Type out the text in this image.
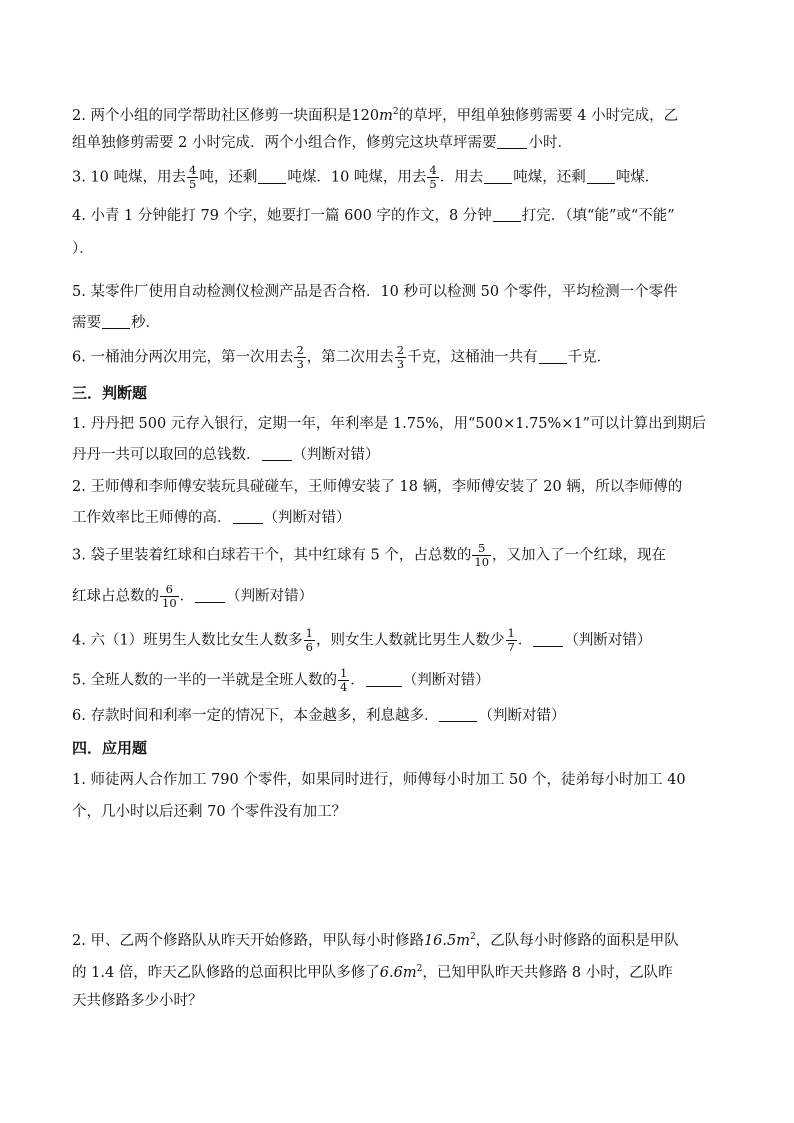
2. 两个小组的同学帮助社区修剪一块面积是$120m^2$的草坪，甲组单独修剪需要 4 小时完成，乙
组单独修剪需要 2 小时完成．两个小组合作，修剪完这块草坪需要 小时．
3. 10 吨煤，用去 $\frac{4}{5}$ 吨，还剩 吨煤．10 吨煤，用去 $\frac{4}{5}$ ．用去 吨煤，还剩 吨煤．
4. 小青 1 分钟能打 79 个字，她要打一篇 600 字的作文，8 分钟 打完．（填“能”或“不能”
）．
5. 某零件厂使用自动检测仪检测产品是否合格．10 秒可以检测 50 个零件，平均检测一个零件
需要 秒．
6. 一桶油分两次用完，第一次用去 $\frac{2}{3}$ ，第二次用去 $\frac{2}{3}$ 千克，这桶油一共有 千克．
三．判断题
1. 丹丹把 500 元存入银行，定期一年，年利率是 1.75%，用“500×1.75%×1”可以计算出到期后
丹丹一共可以取回的总钱数． （判断对错）
2. 王师傅和李师傅安装玩具碰碰车，王师傅安装了 18 辆，李师傅安装了 20 辆，所以李师傅的
工作效率比王师傅的高． （判断对错）
3. 袋子里装着红球和白球若干个，其中红球有 5 个，占总数的 $\frac{5}{10}$ ，又加入了一个红球，现在
红球占总数的 $\frac{6}{10}$ ． （判断对错）
4. 六（1）班男生人数比女生人数多 $\frac{1}{6}$ ，则女生人数就比男生人数少 $\frac{1}{7}$ ． （判断对错）
5. 全班人数的一半的一半就是全班人数的 $\frac{1}{4}$ ．	（判断对错）
6. 存款时间和利率一定的情况下，本金越多，利息越多．	（判断对错）
四．应用题
1. 师徒两人合作加工 790 个零件，如果同时进行，师傅每小时加工 50 个，徒弟每小时加工 40
个，几小时以后还剩 70 个零件没有加工？
2. 甲、乙两个修路队从昨天开始修路，甲队每小时修路$16.5m^2$，乙队每小时修路的面积是甲队
的 1.4 倍，昨天乙队修路的总面积比甲队多修了$6.6m^2$，已知甲队昨天共修路 8 小时，乙队昨
天共修路多少小时？
